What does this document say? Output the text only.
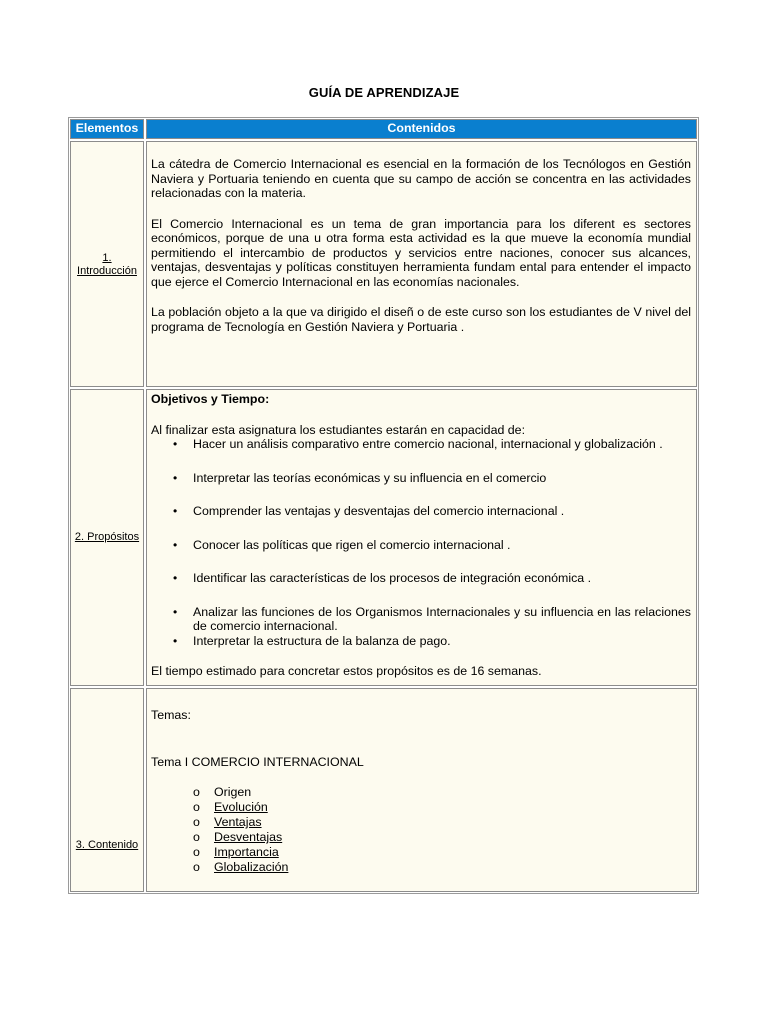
GUÍA DE APRENDIZAJE
Elementos	Contenidos
1.
Introducción

La cátedra de Comercio Internacional es esencial en la formación de los Tecnólogos en Gestión Naviera y Portuaria teniendo en cuenta que su campo de acción se concentra en las actividades relacionadas con la materia.

El Comercio Internacional es un tema de gran importancia para los diferent es sectores económicos, porque de una u otra forma esta actividad es la que mueve la economía mundial permitiendo el intercambio de productos y servicios entre naciones, conocer sus alcances, ventajas, desventajas y políticas constituyen herramienta fundam ental para entender el impacto que ejerce el Comercio Internacional en las economías nacionales.

La población objeto a la que va dirigido el diseñ o de este curso son los estudiantes de V nivel del programa de Tecnología en Gestión Naviera y Portuaria .

2. Propósitos

Objetivos y Tiempo:

Al finalizar esta asignatura los estudiantes estarán en capacidad de:

• Hacer un análisis comparativo entre comercio nacional, internacional y globalización .
• Interpretar las teorías económicas y su influencia en el comercio
• Comprender las ventajas y desventajas del comercio internacional .
• Conocer las políticas que rigen el comercio internacional .
• Identificar las características de los procesos de integración económica .
• Analizar las funciones de los Organismos Internacionales y su influencia en las relaciones de comercio internacional.
• Interpretar la estructura de la balanza de pago.

El tiempo estimado para concretar estos propósitos es de 16 semanas.

3. Contenido

Temas:

Tema I COMERCIO INTERNACIONAL

o Origen
o Evolución
o Ventajas
o Desventajas
o Importancia
o Globalización
